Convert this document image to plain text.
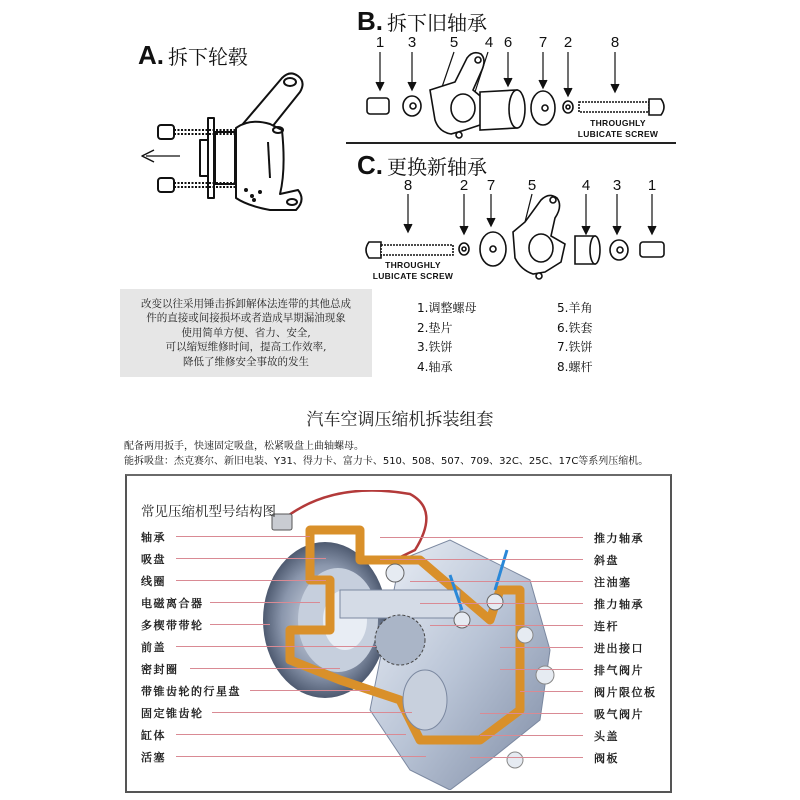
A. 拆下轮毂
B. 拆下旧轴承
1 3 5 4 6 7 2	8
THROUGHLY
LUBICATE SCREW
C. 更换新轴承
8	2 7 5	4 3 1
THROUGHLY
LUBICATE SCREW
改变以往采用锤击拆卸解体法连带的其他总成
件的直接或间接损坏或者造成早期漏油现象
使用简单方便、省力、安全,
可以缩短维修时间，提高工作效率,
降低了维修安全事故的发生
1.调整螺母
2.垫片
3.铁饼
4.轴承
5.羊角
6.铁套
7.铁饼
8.螺杆
汽车空调压缩机拆装组套
配备两用扳手，快速固定吸盘，松紧吸盘上曲轴螺母。
能拆吸盘：杰克赛尔、新旧电装、Y31、得力卡、富力卡、510、508、507、709、32C、25C、17C等系列压缩机。
常见压缩机型号结构图
轴承
吸盘
线圈
电磁离合器
多楔带带轮
前盖
密封圈
带锥齿轮的行星盘
固定锥齿轮
缸体
活塞
推力轴承
斜盘
注油塞
推力轴承
连杆
进出接口
排气阀片
阀片限位板
吸气阀片
头盖
阀板
